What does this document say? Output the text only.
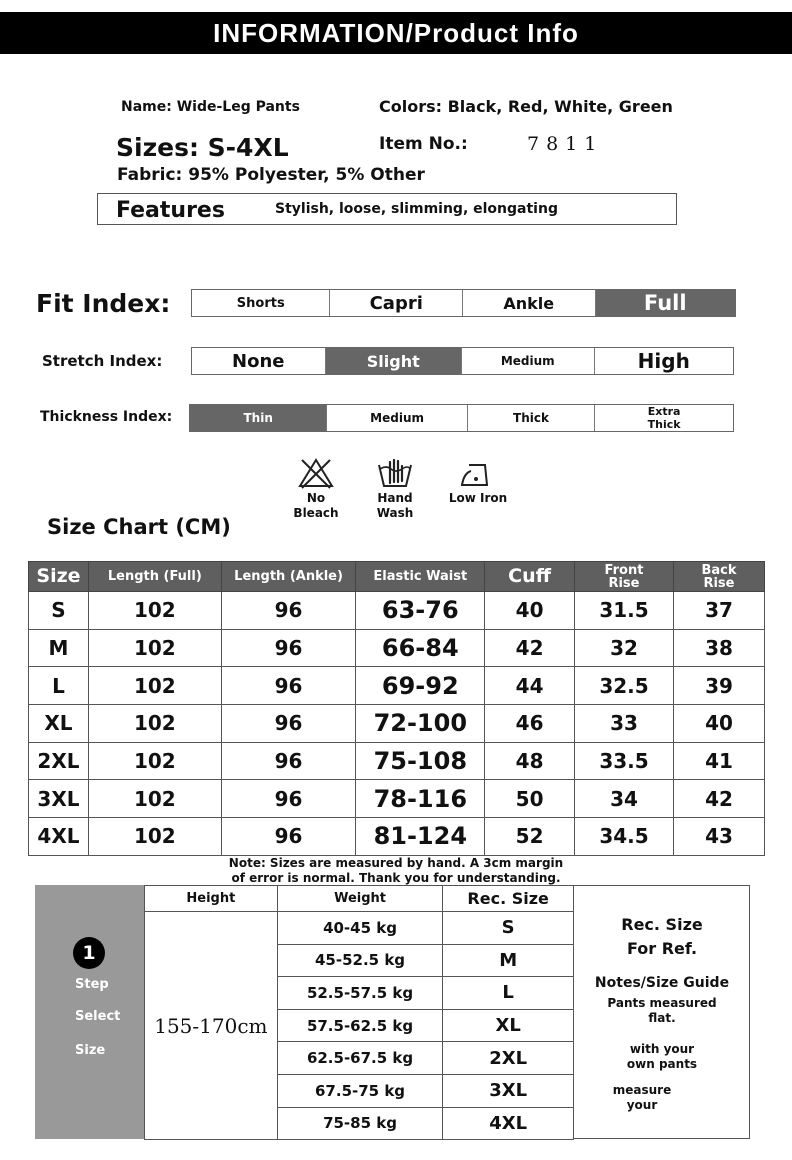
INFORMATION/Product Info
Name: Wide-Leg Pants	Colors: Black, Red, White, Green
Sizes: S-4XL	Item No.:	7811
Fabric: 95% Polyester, 5% Other
Features	Stylish, loose, slimming, elongating
Fit Index:	Shorts	Capri	Ankle	Full
Stretch Index:	None	Slight	Medium	High
Thickness Index:	Thin	Medium	Thick	Extra Thick
No
Bleach
Hand
Wash
Low Iron
Size Chart (CM)
Size	Length (Full)	Length (Ankle)	Elastic Waist	Cuff	Front Rise	Back Rise
S	102	96	63-76	40	31.5	37
M	102	96	66-84	42	32	38
L	102	96	69-92	44	32.5	39
XL	102	96	72-100	46	33	40
2XL	102	96	75-108	48	33.5	41
3XL	102	96	78-116	50	34	42
4XL	102	96	81-124	52	34.5	43
Note: Sizes are measured by hand. A 3cm margin
of error is normal. Thank you for understanding.
1
Step
Select
Size
Height	Weight	Rec. Size
155-170cm	40-45 kg	S
	45-52.5 kg	M
	52.5-57.5 kg	L
	57.5-62.5 kg	XL
	62.5-67.5 kg	2XL
	67.5-75 kg	3XL
	75-85 kg	4XL
Rec. Size
For Ref.
Notes/Size Guide
Pants measured
flat.
with your
own pants
measure
your
